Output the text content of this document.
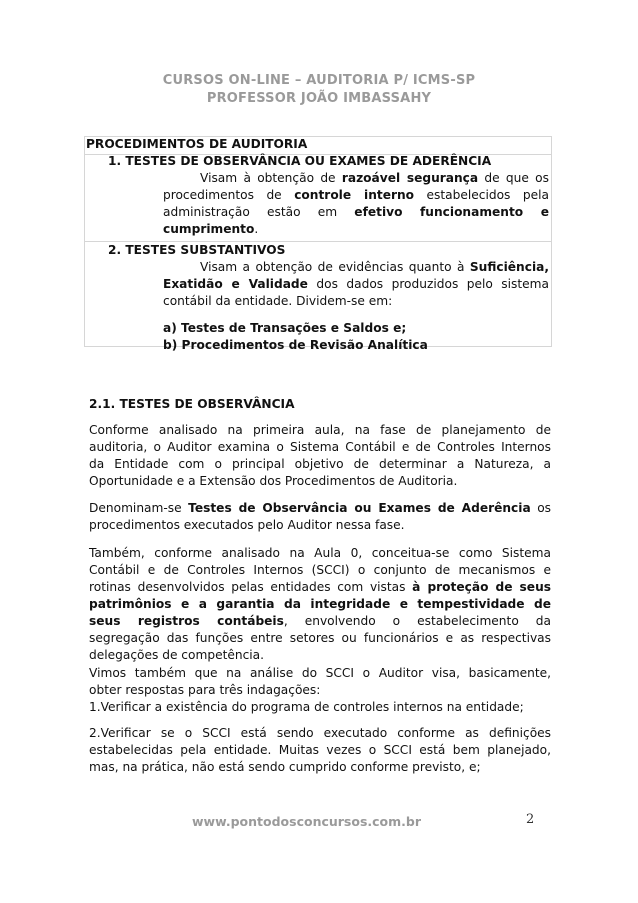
CURSOS ON-LINE – AUDITORIA P/ ICMS-SP
PROFESSOR JOÃO IMBASSAHY
PROCEDIMENTOS DE AUDITORIA
1. TESTES DE OBSERVÂNCIA OU EXAMES DE ADERÊNCIA
Visam à obtenção de razoável segurança de que os
procedimentos de controle interno estabelecidos pela
administração estão em efetivo funcionamento e
cumprimento.
2. TESTES SUBSTANTIVOS
Visam a obtenção de evidências quanto à Suficiência,
Exatidão e Validade dos dados produzidos pelo sistema
contábil da entidade. Dividem-se em:
a) Testes de Transações e Saldos e;
b) Procedimentos de Revisão Analítica
2.1. TESTES DE OBSERVÂNCIA
Conforme analisado na primeira aula, na fase de planejamento de
auditoria, o Auditor examina o Sistema Contábil e de Controles Internos
da Entidade com o principal objetivo de determinar a Natureza, a
Oportunidade e a Extensão dos Procedimentos de Auditoria.
Denominam-se Testes de Observância ou Exames de Aderência os
procedimentos executados pelo Auditor nessa fase.
Também, conforme analisado na Aula 0, conceitua-se como Sistema
Contábil e de Controles Internos (SCCI) o conjunto de mecanismos e
rotinas desenvolvidos pelas entidades com vistas à proteção de seus
patrimônios e a garantia da integridade e tempestividade de
seus registros contábeis, envolvendo o estabelecimento da
segregação das funções entre setores ou funcionários e as respectivas
delegações de competência.
Vimos também que na análise do SCCI o Auditor visa, basicamente,
obter respostas para três indagações:
1.Verificar a existência do programa de controles internos na entidade;
2.Verificar se o SCCI está sendo executado conforme as definições
estabelecidas pela entidade. Muitas vezes o SCCI está bem planejado,
mas, na prática, não está sendo cumprido conforme previsto, e;
www.pontodosconcursos.com.br	2
